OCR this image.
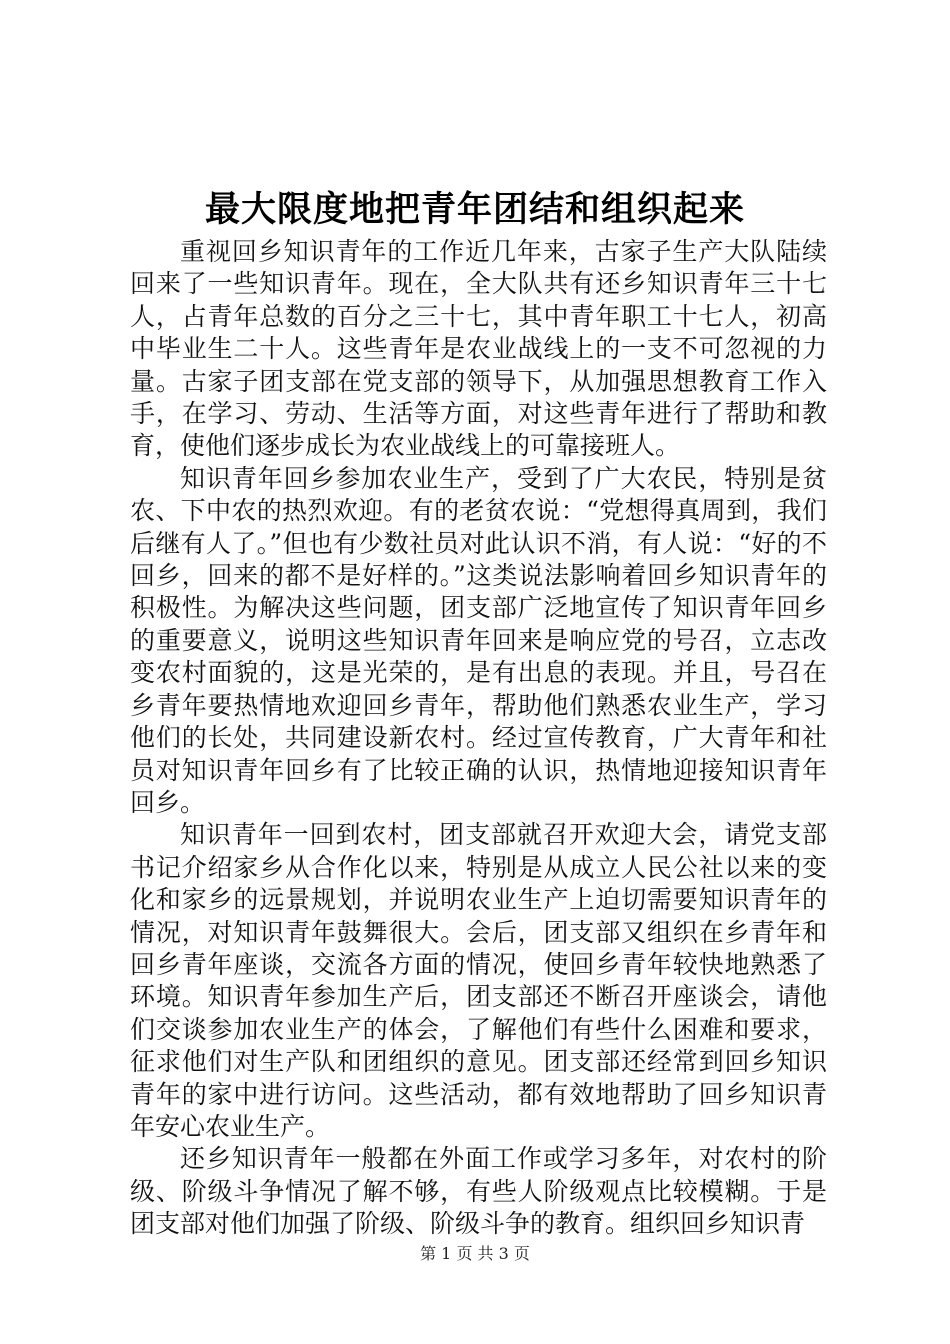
最大限度地把青年团结和组织起来

重视回乡知识青年的工作近几年来，古家子生产大队陆续回来了一些知识青年。现在，全大队共有还乡知识青年三十七人，占青年总数的百分之三十七，其中青年职工十七人，初高中毕业生二十人。这些青年是农业战线上的一支不可忽视的力量。古家子团支部在党支部的领导下，从加强思想教育工作入手，在学习、劳动、生活等方面，对这些青年进行了帮助和教育，使他们逐步成长为农业战线上的可靠接班人。

知识青年回乡参加农业生产，受到了广大农民，特别是贫农、下中农的热烈欢迎。有的老贫农说：“党想得真周到，我们后继有人了。”但也有少数社员对此认识不消，有人说：“好的不回乡，回来的都不是好样的。”这类说法影响着回乡知识青年的积极性。为解决这些问题，团支部广泛地宣传了知识青年回乡的重要意义，说明这些知识青年回来是响应党的号召，立志改变农村面貌的，这是光荣的，是有出息的表现。并且，号召在乡青年要热情地欢迎回乡青年，帮助他们熟悉农业生产，学习他们的长处，共同建设新农村。经过宣传教育，广大青年和社员对知识青年回乡有了比较正确的认识，热情地迎接知识青年回乡。

知识青年一回到农村，团支部就召开欢迎大会，请党支部书记介绍家乡从合作化以来，特别是从成立人民公社以来的变化和家乡的远景规划，并说明农业生产上迫切需要知识青年的情况，对知识青年鼓舞很大。会后，团支部又组织在乡青年和回乡青年座谈，交流各方面的情况，使回乡青年较快地熟悉了环境。知识青年参加生产后，团支部还不断召开座谈会，请他们交谈参加农业生产的体会，了解他们有些什么困难和要求，征求他们对生产队和团组织的意见。团支部还经常到回乡知识青年的家中进行访问。这些活动，都有效地帮助了回乡知识青年安心农业生产。

还乡知识青年一般都在外面工作或学习多年，对农村的阶级、阶级斗争情况了解不够，有些人阶级观点比较模糊。于是团支部对他们加强了阶级、阶级斗争的教育。组织回乡知识青

第 1 页 共 3 页
